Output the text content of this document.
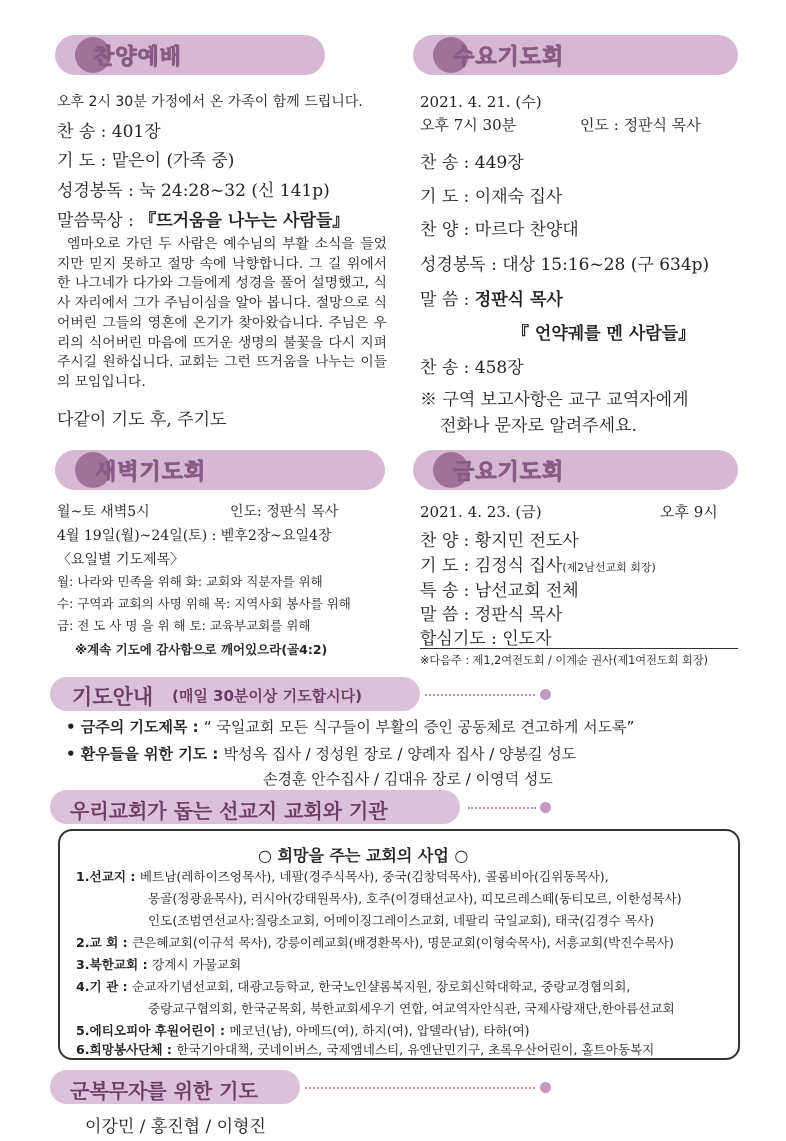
찬양예배
오후 2시 30분 가정에서 온 가족이 함께 드립니다.
찬 송 : 401장
기 도 : 맡은이 (가족 중)
성경봉독 : 눅 24:28~32 (신 141p)
말씀묵상 : 『뜨거움을 나누는 사람들』
엠마오로 가던 두 사람은 예수님의 부활 소식을 들었지만 믿지 못하고 절망 속에 낙향합니다. 그 길 위에서 한 나그네가 다가와 그들에게 성경을 풀어 설명했고, 식사 자리에서 그가 주님이심을 알아 봅니다. 절망으로 식어버린 그들의 영혼에 온기가 찾아왔습니다. 주님은 우리의 식어버린 마음에 뜨거운 생명의 불꽃을 다시 지펴주시길 원하십니다. 교회는 그런 뜨거움을 나누는 이들의 모임입니다.
다같이 기도 후, 주기도
수요기도회
2021. 4. 21. (수)
오후 7시 30분	인도 : 정판식 목사
찬 송 : 449장
기 도 : 이재숙 집사
찬 양 : 마르다 찬양대
성경봉독 : 대상 15:16~28 (구 634p)
말 씀 : 정판식 목사
『 언약궤를 멘 사람들』
찬 송 : 458장
※ 구역 보고사항은 교구 교역자에게
전화나 문자로 알려주세요.
새벽기도회
월~토 새벽5시	인도: 정판식 목사
4월 19일(월)~24일(토) : 벧후2장~요일4장
〈요일별 기도제목〉
월: 나라와 민족을 위해 화: 교회와 직분자를 위해
수: 구역과 교회의 사명 위해 목: 지역사회 봉사를 위해
금: 전 도 사 명 을 위 해 토: 교육부교회를 위해
※계속 기도에 감사함으로 깨어있으라(골4:2)
금요기도회
2021. 4. 23. (금)	오후 9시
찬 양 : 황지민 전도사
기 도 : 김정식 집사(제2남선교회 회장)
특 송 : 남선교회 전체
말 씀 : 정판식 목사
합심기도 : 인도자
※다음주 : 제1,2여전도회 / 이계순 권사(제1여전도회 회장)
기도안내 (매일 30분이상 기도합시다)
• 금주의 기도제목 : “ 국일교회 모든 식구들이 부활의 증인 공동체로 견고하게 서도록”
• 환우들을 위한 기도 : 박성옥 집사 / 정성원 장로 / 양례자 집사 / 양봉길 성도
손경훈 안수집사 / 김대유 장로 / 이영덕 성도
우리교회가 돕는 선교지 교회와 기관
○ 희망을 주는 교회의 사업 ○
1.선교지 : 베트남(레하이즈엉목사), 네팔(경주식목사), 중국(김창덕목사), 콜롬비아(김위동목사),
몽골(정광윤목사), 러시아(강태원목사), 호주(이경태선교사), 띠모르레스떼(동티모르, 이한성목사)
인도(조범연선교사:질랑소교회, 어메이징그레이스교회, 네팔리 국일교회), 태국(김경수 목사)
2.교 회 : 큰은혜교회(이규석 목사), 강릉이레교회(배경환목사), 명문교회(이형숙목사), 서흥교회(박진수목사)
3.북한교회 : 강계시 가물교회
4.기 관 : 순교자기념선교회, 대광고등학교, 한국노인샬롬복지원, 장로회신학대학교, 중랑교경협의회,
중랑교구협의회, 한국군목회, 북한교회세우기 연합, 여교역자안식관, 국제사랑재단,한아름선교회
5.에티오피아 후원어린이 : 메코넌(남), 아메드(여), 하지(여), 압델라(남), 타하(여)
6.희망봉사단체 : 한국기아대책, 굿네이버스, 국제앰네스티, 유엔난민기구, 초록우산어린이, 홀트아동복지
군복무자를 위한 기도
이강민 / 홍진협 / 이형진
